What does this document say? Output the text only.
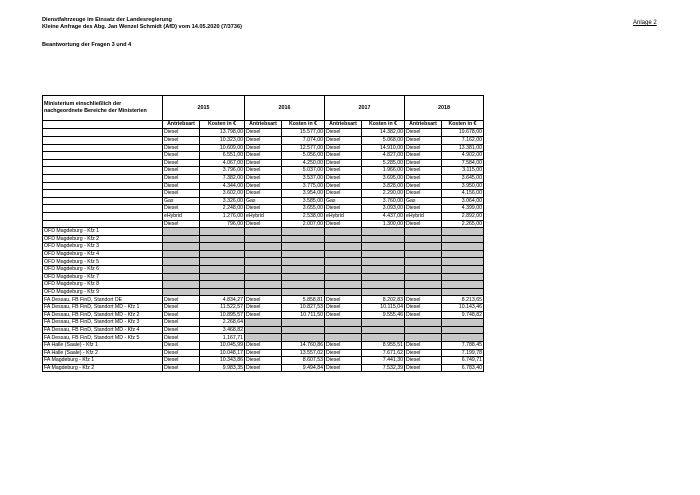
Dienstfahrzeuge im Einsatz der Landesregierung
Kleine Anfrage des Abg. Jan Wenzel Schmidt (AfD) vom 14.05.2020 (7/3736)
Beantwortung der Fragen 3 und 4
Anlage 2
Ministerium einschließlich der nachgeordnete Bereiche der Ministerien	2015		2016		2017		2018	
	Antriebsart	Kosten in €	Antriebsart	Kosten in €	Antriebsart	Kosten in €	Antriebsart	Kosten in €
	Diesel	13.798,00	Diesel	15.577,00	Diesel	14.382,00	Diesel	19.678,00
	Diesel	10.323,00	Diesel	7.074,00	Diesel	5.068,00	Diesel	7.162,00
	Diesel	10.609,00	Diesel	12.577,00	Diesel	14.910,00	Diesel	13.381,00
	Diesel	6.551,00	Diesel	5.056,00	Diesel	4.827,00	Diesel	4.902,00
	Diesel	4.067,00	Diesel	4.250,00	Diesel	5.285,00	Diesel	7.584,00
	Diesel	3.796,00	Diesel	5.037,00	Diesel	1.966,00	Diesel	3.115,00
	Diesel	7.382,00	Diesel	3.537,00	Diesel	3.695,00	Diesel	3.645,00
	Diesel	4.344,00	Diesel	3.775,00	Diesel	3.828,00	Diesel	3.950,00
	Diesel	3.602,00	Diesel	3.954,00	Diesel	2.290,00	Diesel	4.156,00
	Gas	3.326,00	Gas	3.585,00	Gas	3.760,00	Gas	3.064,00
	Diesel	2.248,00	Diesel	3.655,00	Diesel	3.093,00	Diesel	4.399,00
	eHybrid	1.276,00	eHybrid	2.538,00	eHybrid	4.437,00	eHybrid	2.892,00
	Diesel	796,00	Diesel	2.007,00	Diesel	1.300,00	Diesel	2.265,00
OFD Magdeburg - Kfz 1								
OFD Magdeburg - Kfz 2								
OFD Magdeburg - Kfz 3								
OFD Magdeburg - Kfz 4								
OFD Magdeburg - Kfz 5								
OFD Magdeburg - Kfz 6								
OFD Magdeburg - Kfz 7								
OFD Magdeburg - Kfz 8								
OFD Magdeburg - Kfz 9								
FA Dessau, FB FinD, Standort DE	Diesel	4.834,27	Diesel	5.858,81	Diesel	8.202,83	Diesel	8.213,65
FA Dessau, FB FinD, Standort MD - Kfz 1	Diesel	11.522,57	Diesel	10.827,53	Diesel	10.115,04	Diesel	10.143,46
FA Dessau, FB FinD, Standort MD - Kfz 2	Diesel	10.895,57	Diesel	10.711,50	Diesel	9.555,46	Diesel	9.748,82
FA Dessau, FB FinD, Standort MD - Kfz 3	Diesel	2.268,64						
FA Dessau, FB FinD, Standort MD - Kfz 4	Diesel	3.468,82						
FA Dessau, FB FinD, Standort MD - Kfz 5	Diesel	1.167,71						
FA Halle (Saale) - Kfz 1	Diesel	10.045,99	Diesel	14.760,86	Diesel	8.955,51	Diesel	7.788,45
FA Halle (Saale) - Kfz 2	Diesel	10.048,17	Diesel	13.557,02	Diesel	7.671,62	Diesel	7.199,78
FA Magdeburg - Kfz 1	Diesel	10.343,86	Diesel	8.607,53	Diesel	7.441,30	Diesel	6.749,71
FA Magdeburg - Kfz 2	Diesel	9.983,35	Diesel	9.494,84	Diesel	7.532,39	Diesel	6.783,40
